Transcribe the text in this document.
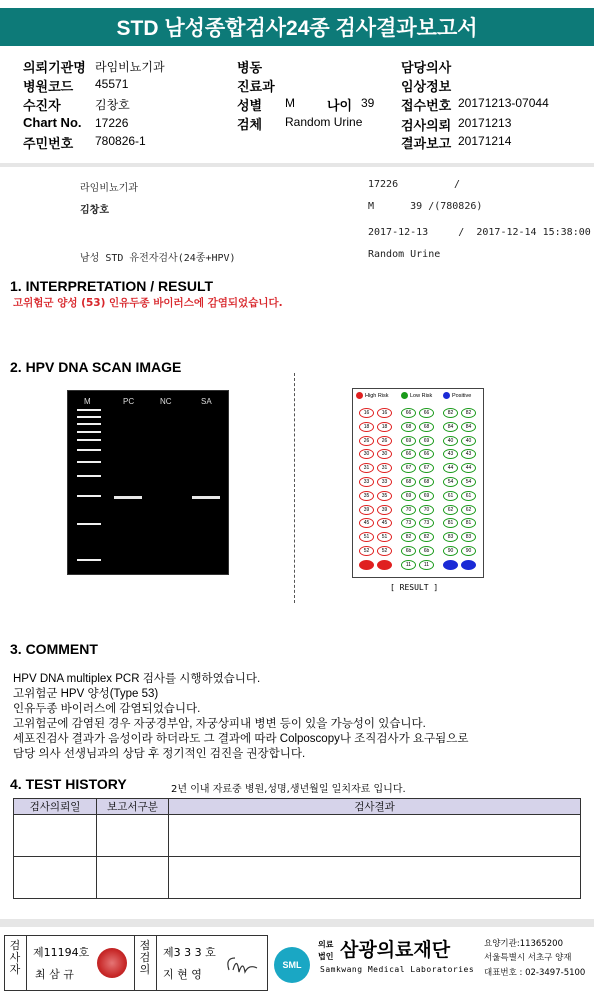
STD 남성종합검사24종 검사결과보고서
의뢰기관명 라임비뇨기과
병원코드 45571
수진자	김창호
Chart No. 17226
주민번호 780826-1
병동
진료과
성별 M 나이 39
검체 Random Urine
담당의사
임상정보
접수번호 20171213-07044
검사의뢰 20171213
결과보고 20171214
라임비뇨기과	17226	/
김창호	M      39 /(780826)
2017-12-13     /  2017-12-14 15:38:00
남성 STD 유전자검사(24종+HPV)	Random Urine
1. INTERPRETATION / RESULT
고위험군 양성 (53) 인유두종 바이러스에 감염되었습니다.
2. HPV DNA SCAN IMAGE
M	PC	NC	SA
High Risk	Low Risk	Positive
16	16	66	66	82	82
18	18	68	68	84	84
26	26	69	69	40	40
30	30	66	66	43	43
31	31	67	67	44	44
33	33	68	68	54	54
35	35	69	69	61	61
39	39	70	70	62	62
45	45	73	73	81	81
51	51	82	82	83	83
52	52	6b	6b	90	90
11	11
[ RESULT ]
3. COMMENT
HPV DNA multiplex PCR 검사를 시행하였습니다.
고위험군 HPV 양성(Type 53)
인유두종 바이러스에 감염되었습니다.
고위험군에 감염된 경우 자궁경부암, 자궁상피내 병변 등이 있을 가능성이 있습니다.
세포진검사 결과가 음성이라 하더라도 그 결과에 따라 Colposcopy나 조직검사가 요구됨으로
담당 의사 선생님과의 상담 후 정기적인 검진을 권장합니다.
4. TEST HISTORY	2년 이내 자료중 병원,성명,생년월일 일치자료 입니다.
검사의뢰일	보고서구분	검사결과

검사자
제11194호
최 삼 규
점검의
제3 3 3 호
지 현 영
SML
의료
법인 삼광의료재단
Samkwang Medical Laboratories
요양기관:11365200
서울특별시 서초구 양재
대표번호 : 02-3497-5100
